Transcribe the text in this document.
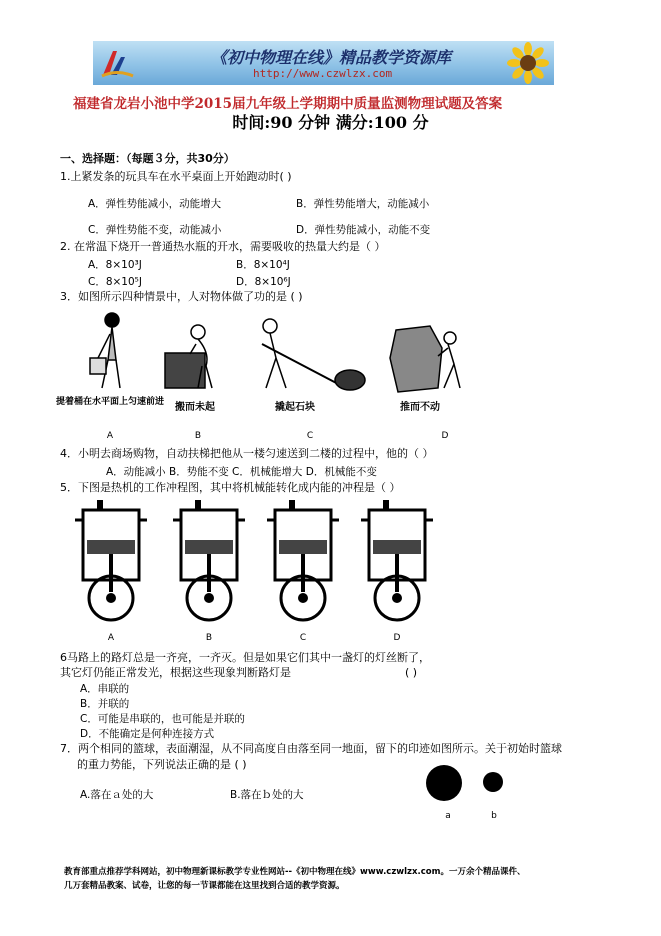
《初中物理在线》精品教学资源库
http://www.czwlzx.com
福建省龙岩小池中学2015届九年级上学期期中质量监测物理试题及答案
时间:90 分钟 满分:100 分
一、选择题：（每题３分，共30分）
1.上紧发条的玩具车在水平桌面上开始跑动时( )
A．弹性势能减小，动能增大	B．弹性势能增大，动能减小
C．弹性势能不变，动能减小	D．弹性势能减小，动能不变
2. 在常温下烧开一普通热水瓶的开水，需要吸收的热量大约是（ ）
A．8×10³J	B．8×10⁴J
C．8×10⁵J	D．8×10⁶J
3．如图所示四种情景中，人对物体做了功的是 ( )
提着桶在水平面上匀速前进 搬而未起	撬起石块	推而不动
A	B	C	D
4．小明去商场购物，自动扶梯把他从一楼匀速送到二楼的过程中，他的（ ）
A．动能减小 B．势能不变 C．机械能增大 D．机械能不变
5．下图是热机的工作冲程图，其中将机械能转化成内能的冲程是（ ）
A	B	C	D
6马路上的路灯总是一齐亮，一齐灭。但是如果它们其中一盏灯的灯丝断了，
其它灯仍能正常发光，根据这些现象判断路灯是	( )
A．串联的
B．并联的
C．可能是串联的，也可能是并联的
D．不能确定是何种连接方式
7．两个相同的篮球，表面潮湿，从不同高度自由落至同一地面，留下的印迹如图所示。关于初始时篮球
的重力势能，下列说法正确的是 ( )
A.落在ａ处的大	B.落在ｂ处的大
a	b
教育部重点推荐学科网站，初中物理新课标教学专业性网站--《初中物理在线》www.czwlzx.com。一万余个精品课件、
几万套精品教案、试卷，让您的每一节课都能在这里找到合适的教学资源。
